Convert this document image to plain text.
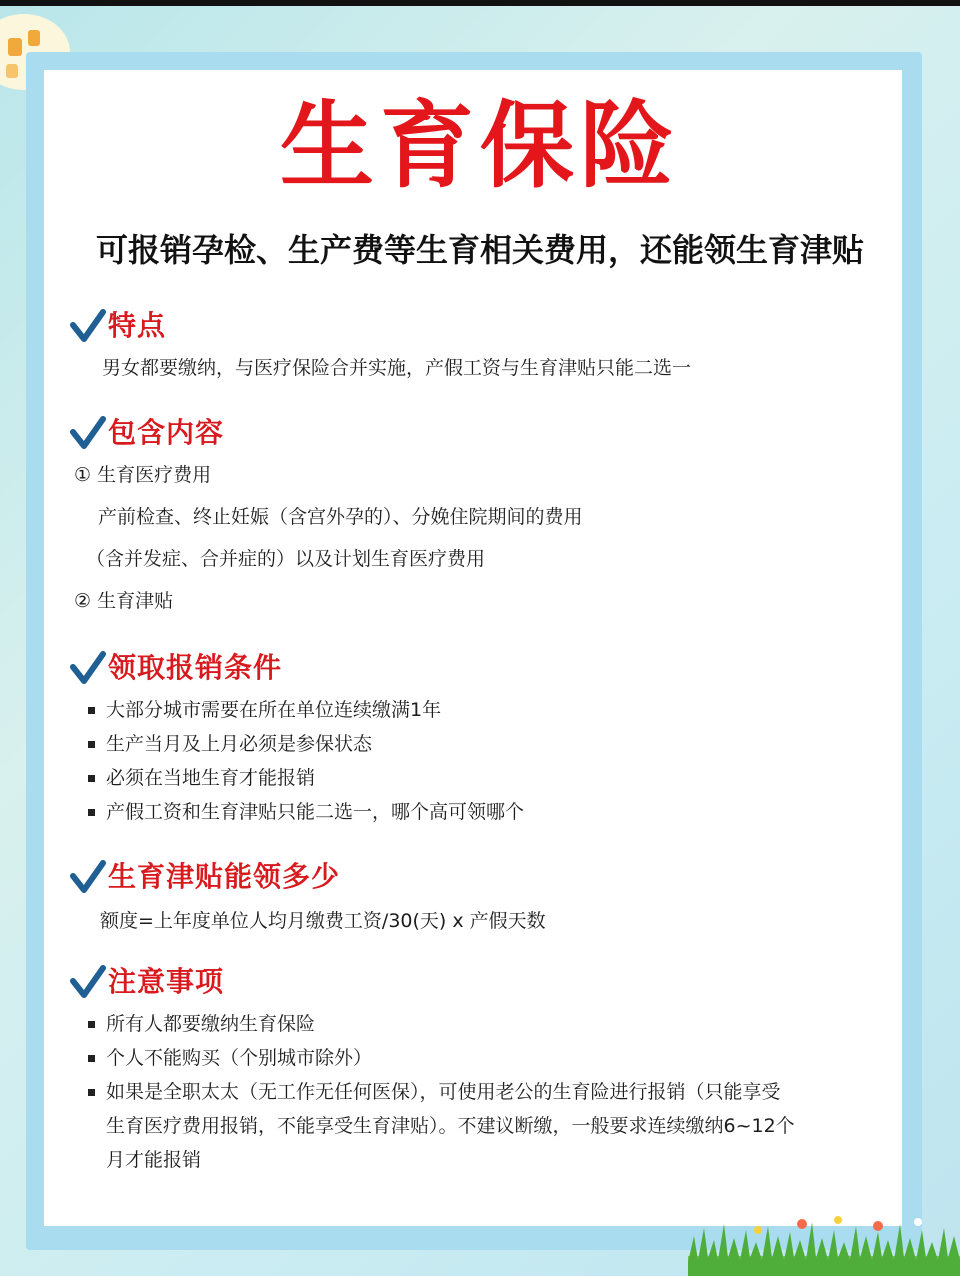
生育保险
可报销孕检、生产费等生育相关费用，还能领生育津贴
特点
男女都要缴纳，与医疗保险合并实施，产假工资与生育津贴只能二选一
包含内容
① 生育医疗费用
产前检查、终止妊娠（含宫外孕的）、分娩住院期间的费用
（含并发症、合并症的）以及计划生育医疗费用
② 生育津贴
领取报销条件
大部分城市需要在所在单位连续缴满1年
生产当月及上月必须是参保状态
必须在当地生育才能报销
产假工资和生育津贴只能二选一，哪个高可领哪个
生育津贴能领多少
额度=上年度单位人均月缴费工资/30(天) x 产假天数
注意事项
所有人都要缴纳生育保险
个人不能购买（个别城市除外）
如果是全职太太（无工作无任何医保），可使用老公的生育险进行报销（只能享受
生育医疗费用报销，不能享受生育津贴）。不建议断缴，一般要求连续缴纳6~12个
月才能报销
